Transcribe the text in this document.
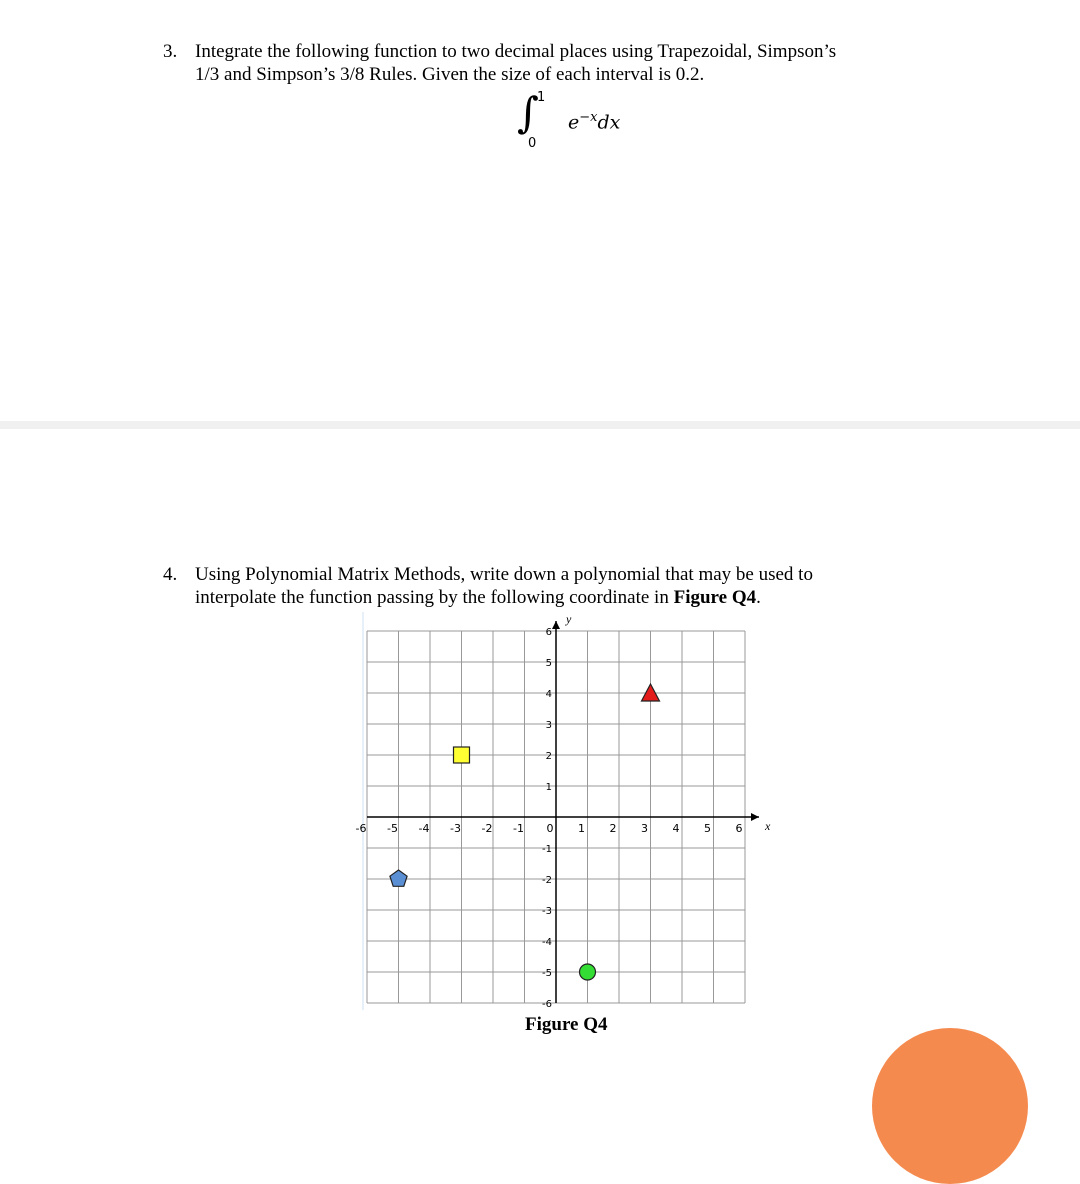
3. Integrate the following function to two decimal places using Trapezoidal, Simpson’s
1/3 and Simpson’s 3/8 Rules. Given the size of each interval is 0.2.
∫
1
0
$e^{-x}dx$
4. Using Polynomial Matrix Methods, write down a polynomial that may be used to
interpolate the function passing by the following coordinate in Figure Q4.
x
y
-6 -5 -4 -3 -2 -1 0 1 2 3 4 5 6
6
5
4
3
2
1
-1
-2
-3
-4
-5
-6
Figure Q4
